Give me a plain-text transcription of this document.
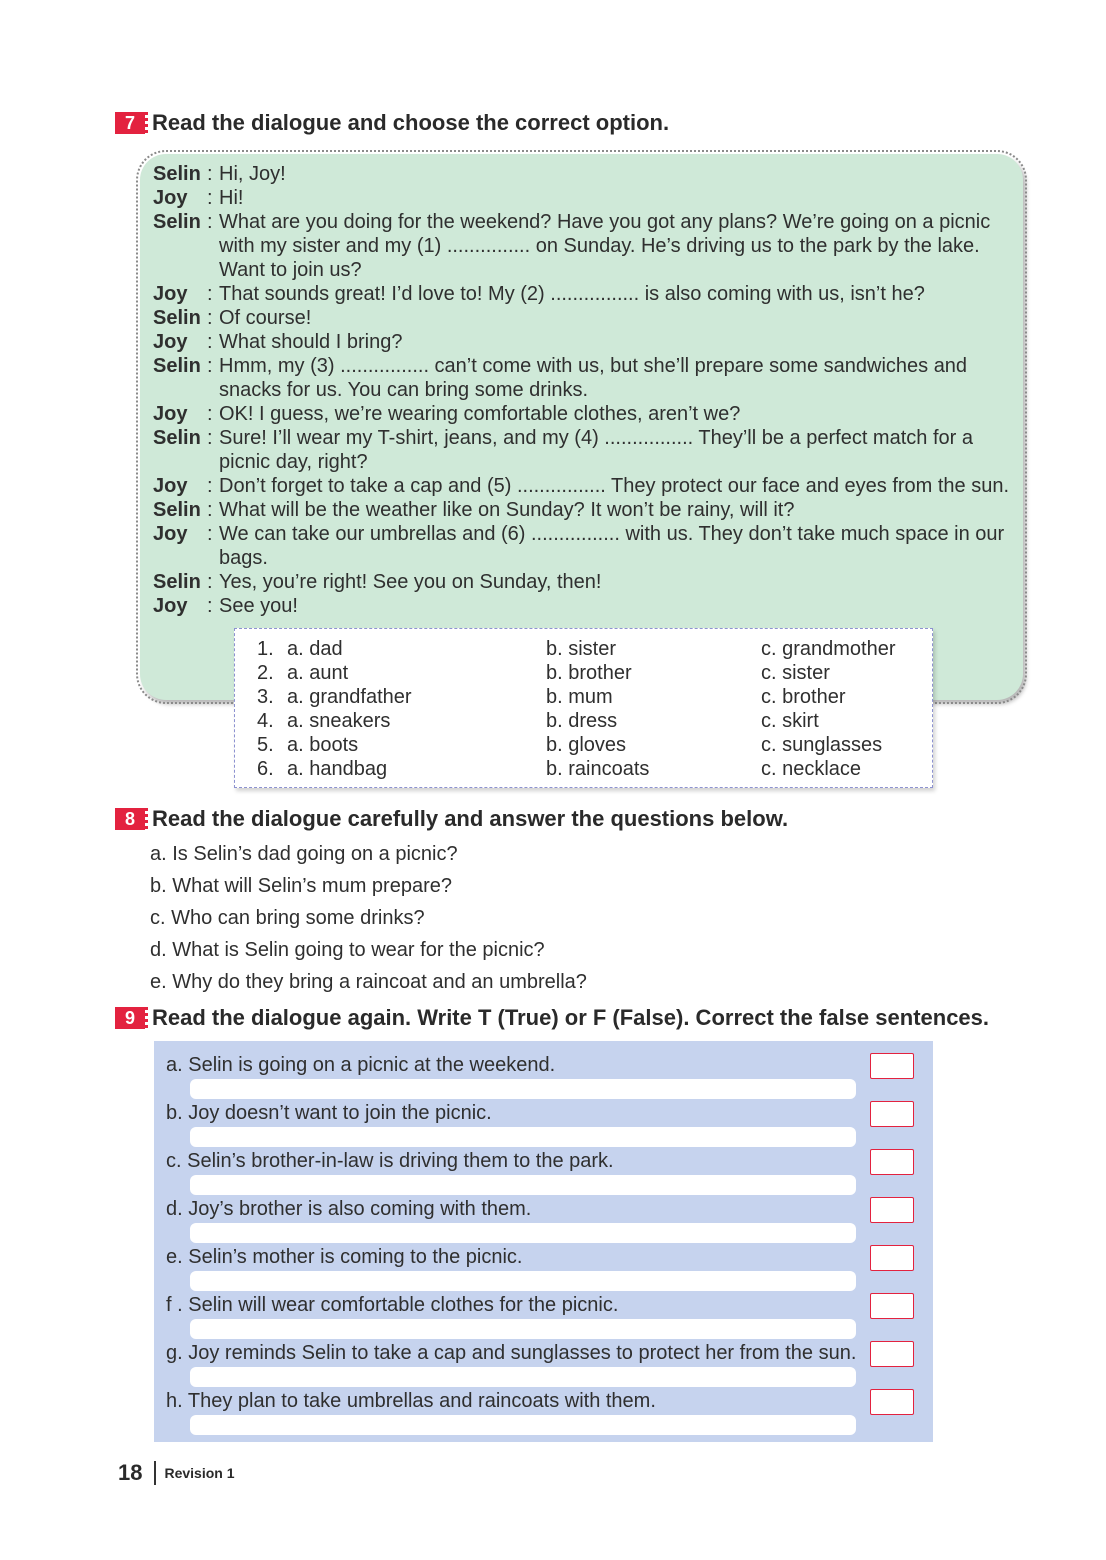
7 Read the dialogue and choose the correct option.
Selin : Hi, Joy!
Joy : Hi!
Selin : What are you doing for the weekend? Have you got any plans? We’re going on a picnic with my sister and my (1) ............... on Sunday. He’s driving us to the park by the lake. Want to join us?
Joy : That sounds great! I’d love to! My (2) ................ is also coming with us, isn’t he?
Selin : Of course!
Joy : What should I bring?
Selin : Hmm, my (3) ................ can’t come with us, but she’ll prepare some sandwiches and snacks for us. You can bring some drinks.
Joy : OK! I guess, we’re wearing comfortable clothes, aren’t we?
Selin : Sure! I’ll wear my T-shirt, jeans, and my (4) ................ They’ll be a perfect match for a picnic day, right?
Joy : Don’t forget to take a cap and (5) ................ They protect our face and eyes from the sun.
Selin : What will be the weather like on Sunday? It won’t be rainy, will it?
Joy : We can take our umbrellas and (6) ................ with us. They don’t take much space in our bags.
Selin : Yes, you’re right! See you on Sunday, then!
Joy : See you!
1. a. dad	b. sister	c. grandmother
2. a. aunt	b. brother	c. sister
3. a. grandfather	b. mum	c. brother
4. a. sneakers	b. dress	c. skirt
5. a. boots	b. gloves	c. sunglasses
6. a. handbag	b. raincoats	c. necklace
8 Read the dialogue carefully and answer the questions below.
a. Is Selin’s dad going on a picnic?
b. What will Selin’s mum prepare?
c. Who can bring some drinks?
d. What is Selin going to wear for the picnic?
e. Why do they bring a raincoat and an umbrella?
9 Read the dialogue again. Write T (True) or F (False). Correct the false sentences.
a. Selin is going on a picnic at the weekend.
b. Joy doesn’t want to join the picnic.
c. Selin’s brother-in-law is driving them to the park.
d. Joy’s brother is also coming with them.
e. Selin’s mother is coming to the picnic.
f . Selin will wear comfortable clothes for the picnic.
g. Joy reminds Selin to take a cap and sunglasses to protect her from the sun.
h. They plan to take umbrellas and raincoats with them.
18 Revision 1
